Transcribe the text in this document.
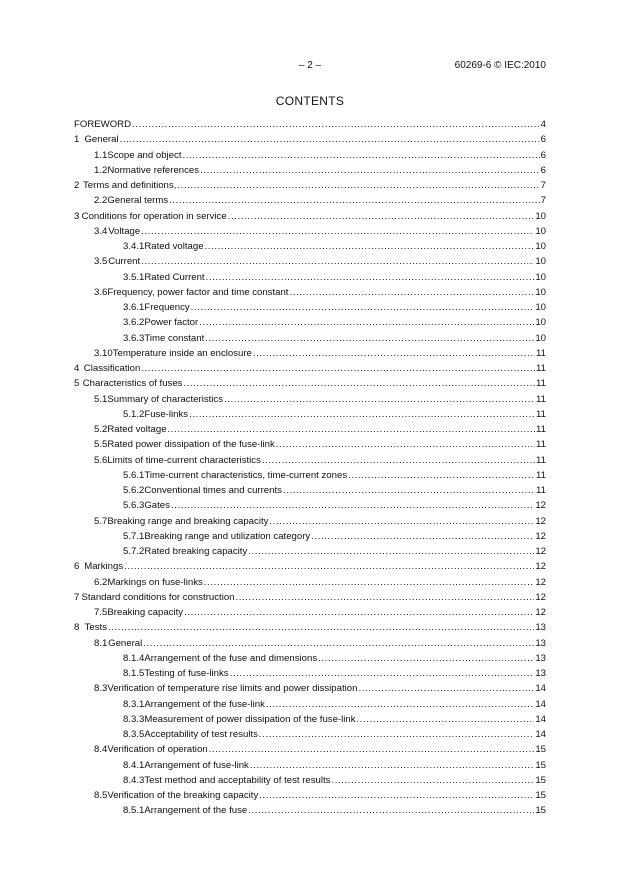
– 2 –	60269-6 © IEC:2010
CONTENTS
FOREWORD .....	4
1 General .....	6
1.1 Scope and object .....	6
1.2 Normative references .....	6
2 Terms and definitions, .....	7
2.2 General terms .....	7
3 Conditions for operation in service .....	10
3.4 Voltage .....	10
3.4.1 Rated voltage .....	10
3.5 Current .....	10
3.5.1 Rated Current .....	10
3.6 Frequency, power factor and time constant .....	10
3.6.1 Frequency .....	10
3.6.2 Power factor .....	10
3.6.3 Time constant .....	10
3.10 Temperature inside an enclosure .....	11
4 Classification .....	11
5 Characteristics of fuses .....	11
5.1 Summary of characteristics .....	11
5.1.2 Fuse-links .....	11
5.2 Rated voltage .....	11
5.5 Rated power dissipation of the fuse-link .....	11
5.6 Limits of time-current characteristics .....	11
5.6.1 Time-current characteristics, time-current zones .....	11
5.6.2 Conventional times and currents .....	11
5.6.3 Gates .....	12
5.7 Breaking range and breaking capacity .....	12
5.7.1 Breaking range and utilization category .....	12
5.7.2 Rated breaking capacity .....	12
6 Markings .....	12
6.2 Markings on fuse-links .....	12
7 Standard conditions for construction .....	12
7.5 Breaking capacity .....	12
8 Tests .....	13
8.1 General .....	13
8.1.4 Arrangement of the fuse and dimensions .....	13
8.1.5 Testing of fuse-links .....	13
8.3 Verification of temperature rise limits and power dissipation .....	14
8.3.1 Arrangement of the fuse-link .....	14
8.3.3 Measurement of power dissipation of the fuse-link .....	14
8.3.5 Acceptability of test results .....	14
8.4 Verification of operation .....	15
8.4.1 Arrangement of fuse-link .....	15
8.4.3 Test method and acceptability of test results .....	15
8.5 Verification of the breaking capacity .....	15
8.5.1 Arrangement of the fuse .....	15
